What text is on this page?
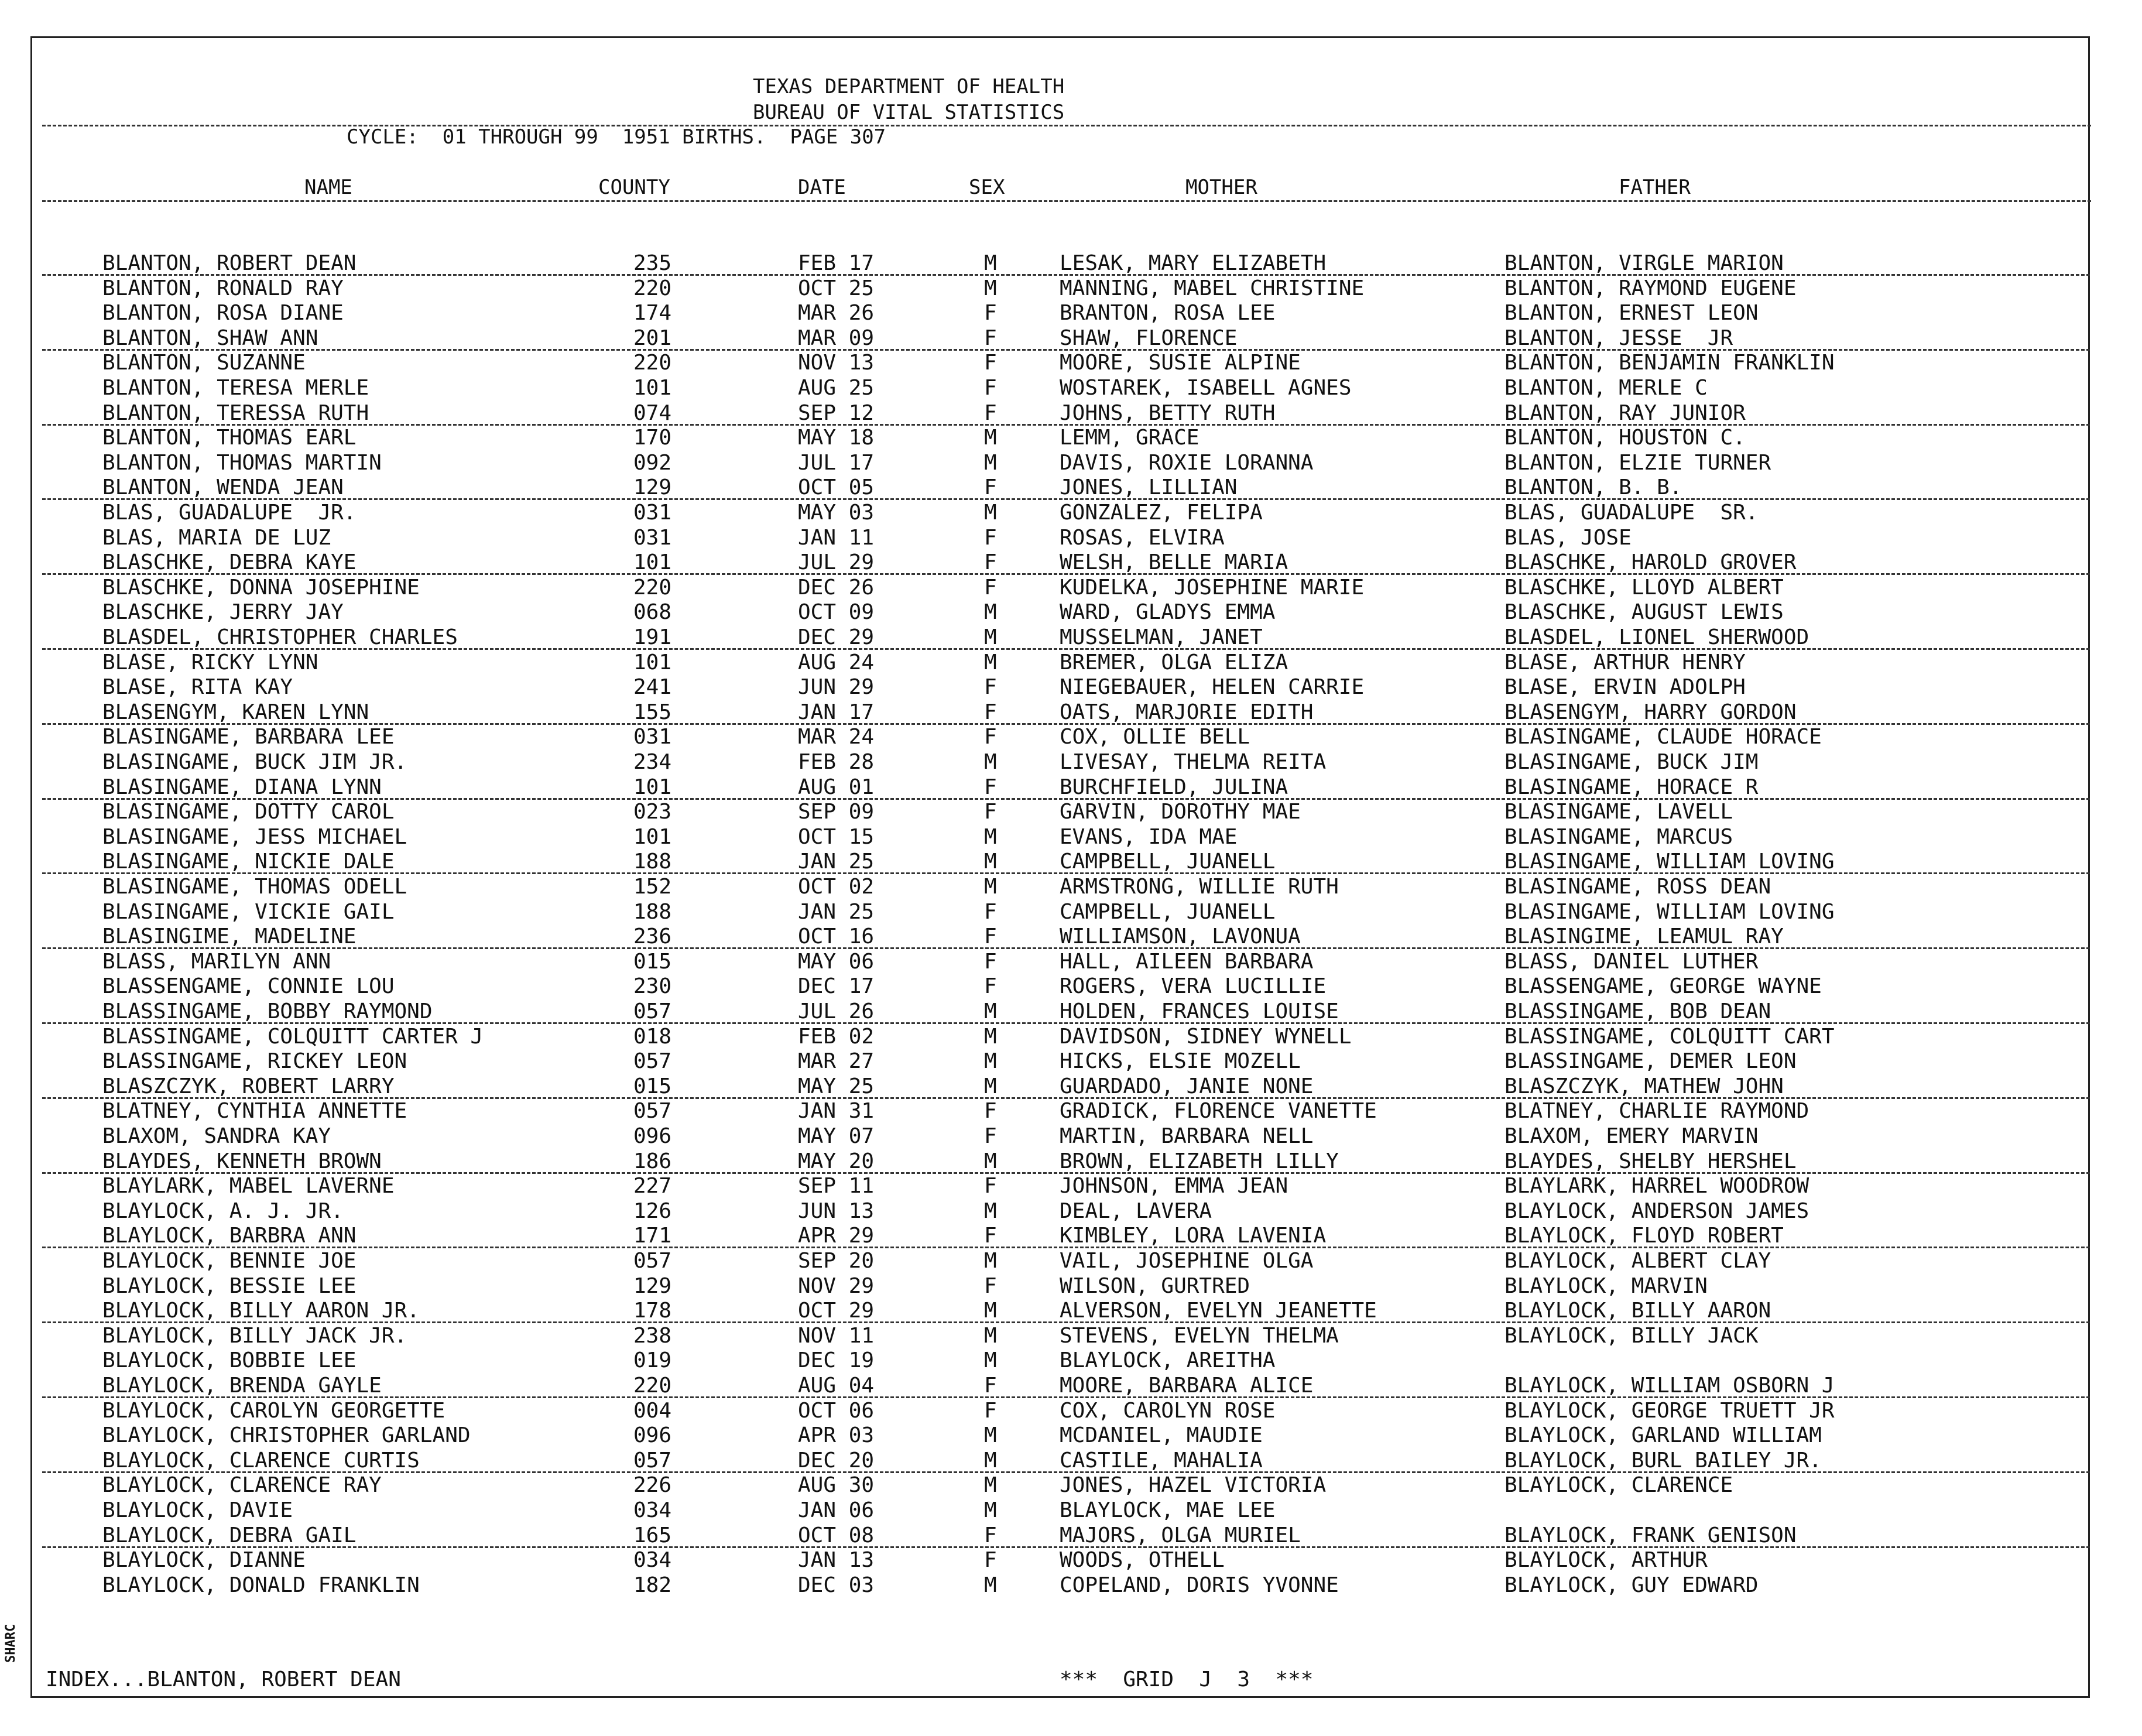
TEXAS DEPARTMENT OF HEALTH
BUREAU OF VITAL STATISTICS
CYCLE:  01 THROUGH 99  1951 BIRTHS.  PAGE 307
NAME	COUNTY	DATE	SEX	MOTHER	FATHER
BLANTON, ROBERT DEAN	235	FEB 17	M	LESAK, MARY ELIZABETH	BLANTON, VIRGLE MARION
BLANTON, RONALD RAY	220	OCT 25	M	MANNING, MABEL CHRISTINE	BLANTON, RAYMOND EUGENE
BLANTON, ROSA DIANE	174	MAR 26	F	BRANTON, ROSA LEE	BLANTON, ERNEST LEON
BLANTON, SHAW ANN	201	MAR 09	F	SHAW, FLORENCE	BLANTON, JESSE  JR
BLANTON, SUZANNE	220	NOV 13	F	MOORE, SUSIE ALPINE	BLANTON, BENJAMIN FRANKLIN
BLANTON, TERESA MERLE	101	AUG 25	F	WOSTAREK, ISABELL AGNES	BLANTON, MERLE C
BLANTON, TERESSA RUTH	074	SEP 12	F	JOHNS, BETTY RUTH	BLANTON, RAY JUNIOR
BLANTON, THOMAS EARL	170	MAY 18	M	LEMM, GRACE	BLANTON, HOUSTON C.
BLANTON, THOMAS MARTIN	092	JUL 17	M	DAVIS, ROXIE LORANNA	BLANTON, ELZIE TURNER
BLANTON, WENDA JEAN	129	OCT 05	F	JONES, LILLIAN	BLANTON, B. B.
BLAS, GUADALUPE  JR.	031	MAY 03	M	GONZALEZ, FELIPA	BLAS, GUADALUPE  SR.
BLAS, MARIA DE LUZ	031	JAN 11	F	ROSAS, ELVIRA	BLAS, JOSE
BLASCHKE, DEBRA KAYE	101	JUL 29	F	WELSH, BELLE MARIA	BLASCHKE, HAROLD GROVER
BLASCHKE, DONNA JOSEPHINE	220	DEC 26	F	KUDELKA, JOSEPHINE MARIE	BLASCHKE, LLOYD ALBERT
BLASCHKE, JERRY JAY	068	OCT 09	M	WARD, GLADYS EMMA	BLASCHKE, AUGUST LEWIS
BLASDEL, CHRISTOPHER CHARLES	191	DEC 29	M	MUSSELMAN, JANET	BLASDEL, LIONEL SHERWOOD
BLASE, RICKY LYNN	101	AUG 24	M	BREMER, OLGA ELIZA	BLASE, ARTHUR HENRY
BLASE, RITA KAY	241	JUN 29	F	NIEGEBAUER, HELEN CARRIE	BLASE, ERVIN ADOLPH
BLASENGYM, KAREN LYNN	155	JAN 17	F	OATS, MARJORIE EDITH	BLASENGYM, HARRY GORDON
BLASINGAME, BARBARA LEE	031	MAR 24	F	COX, OLLIE BELL	BLASINGAME, CLAUDE HORACE
BLASINGAME, BUCK JIM JR.	234	FEB 28	M	LIVESAY, THELMA REITA	BLASINGAME, BUCK JIM
BLASINGAME, DIANA LYNN	101	AUG 01	F	BURCHFIELD, JULINA	BLASINGAME, HORACE R
BLASINGAME, DOTTY CAROL	023	SEP 09	F	GARVIN, DOROTHY MAE	BLASINGAME, LAVELL
BLASINGAME, JESS MICHAEL	101	OCT 15	M	EVANS, IDA MAE	BLASINGAME, MARCUS
BLASINGAME, NICKIE DALE	188	JAN 25	M	CAMPBELL, JUANELL	BLASINGAME, WILLIAM LOVING
BLASINGAME, THOMAS ODELL	152	OCT 02	M	ARMSTRONG, WILLIE RUTH	BLASINGAME, ROSS DEAN
BLASINGAME, VICKIE GAIL	188	JAN 25	F	CAMPBELL, JUANELL	BLASINGAME, WILLIAM LOVING
BLASINGIME, MADELINE	236	OCT 16	F	WILLIAMSON, LAVONUA	BLASINGIME, LEAMUL RAY
BLASS, MARILYN ANN	015	MAY 06	F	HALL, AILEEN BARBARA	BLASS, DANIEL LUTHER
BLASSENGAME, CONNIE LOU	230	DEC 17	F	ROGERS, VERA LUCILLIE	BLASSENGAME, GEORGE WAYNE
BLASSINGAME, BOBBY RAYMOND	057	JUL 26	M	HOLDEN, FRANCES LOUISE	BLASSINGAME, BOB DEAN
BLASSINGAME, COLQUITT CARTER J	018	FEB 02	M	DAVIDSON, SIDNEY WYNELL	BLASSINGAME, COLQUITT CART
BLASSINGAME, RICKEY LEON	057	MAR 27	M	HICKS, ELSIE MOZELL	BLASSINGAME, DEMER LEON
BLASZCZYK, ROBERT LARRY	015	MAY 25	M	GUARDADO, JANIE NONE	BLASZCZYK, MATHEW JOHN
BLATNEY, CYNTHIA ANNETTE	057	JAN 31	F	GRADICK, FLORENCE VANETTE	BLATNEY, CHARLIE RAYMOND
BLAXOM, SANDRA KAY	096	MAY 07	F	MARTIN, BARBARA NELL	BLAXOM, EMERY MARVIN
BLAYDES, KENNETH BROWN	186	MAY 20	M	BROWN, ELIZABETH LILLY	BLAYDES, SHELBY HERSHEL
BLAYLARK, MABEL LAVERNE	227	SEP 11	F	JOHNSON, EMMA JEAN	BLAYLARK, HARREL WOODROW
BLAYLOCK, A. J. JR.	126	JUN 13	M	DEAL, LAVERA	BLAYLOCK, ANDERSON JAMES
BLAYLOCK, BARBRA ANN	171	APR 29	F	KIMBLEY, LORA LAVENIA	BLAYLOCK, FLOYD ROBERT
BLAYLOCK, BENNIE JOE	057	SEP 20	M	VAIL, JOSEPHINE OLGA	BLAYLOCK, ALBERT CLAY
BLAYLOCK, BESSIE LEE	129	NOV 29	F	WILSON, GURTRED	BLAYLOCK, MARVIN
BLAYLOCK, BILLY AARON JR.	178	OCT 29	M	ALVERSON, EVELYN JEANETTE	BLAYLOCK, BILLY AARON
BLAYLOCK, BILLY JACK JR.	238	NOV 11	M	STEVENS, EVELYN THELMA	BLAYLOCK, BILLY JACK
BLAYLOCK, BOBBIE LEE	019	DEC 19	M	BLAYLOCK, AREITHA
BLAYLOCK, BRENDA GAYLE	220	AUG 04	F	MOORE, BARBARA ALICE	BLAYLOCK, WILLIAM OSBORN J
BLAYLOCK, CAROLYN GEORGETTE	004	OCT 06	F	COX, CAROLYN ROSE	BLAYLOCK, GEORGE TRUETT JR
BLAYLOCK, CHRISTOPHER GARLAND	096	APR 03	M	MCDANIEL, MAUDIE	BLAYLOCK, GARLAND WILLIAM
BLAYLOCK, CLARENCE CURTIS	057	DEC 20	M	CASTILE, MAHALIA	BLAYLOCK, BURL BAILEY JR.
BLAYLOCK, CLARENCE RAY	226	AUG 30	M	JONES, HAZEL VICTORIA	BLAYLOCK, CLARENCE
BLAYLOCK, DAVIE	034	JAN 06	M	BLAYLOCK, MAE LEE
BLAYLOCK, DEBRA GAIL	165	OCT 08	F	MAJORS, OLGA MURIEL	BLAYLOCK, FRANK GENISON
BLAYLOCK, DIANNE	034	JAN 13	F	WOODS, OTHELL	BLAYLOCK, ARTHUR
BLAYLOCK, DONALD FRANKLIN	182	DEC 03	M	COPELAND, DORIS YVONNE	BLAYLOCK, GUY EDWARD
INDEX...BLANTON, ROBERT DEAN	***  GRID  J  3  ***
SHARC
